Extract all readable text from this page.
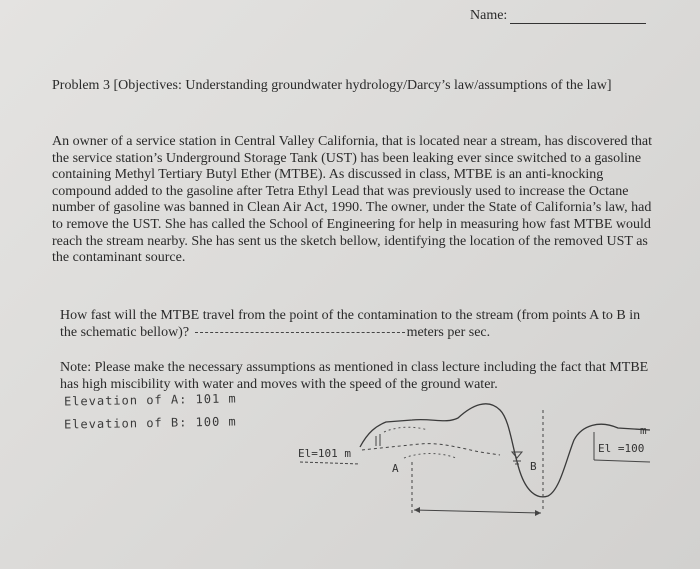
Name:
Problem 3 [Objectives: Understanding groundwater hydrology/Darcy’s law/assumptions of the law]
An owner of a service station in Central Valley California, that is located near a stream, has discovered that the service station’s Underground Storage Tank (UST) has been leaking ever since switched to a gasoline containing Methyl Tertiary Butyl Ether (MTBE). As discussed in class, MTBE is an anti-knocking compound added to the gasoline after Tetra Ethyl Lead that was previously used to increase the Octane number of gasoline was banned in Clean Air Act, 1990. The owner, under the State of California’s law, had to remove the UST. She has called the School of Engineering for help in measuring how fast MTBE would reach the stream nearby. She has sent us the sketch bellow, identifying the location of the removed UST as the contaminant source.
How fast will the MTBE travel from the point of the contamination to the stream (from points A to B in the schematic bellow)?	meters per sec.
Note: Please make the necessary assumptions as mentioned in class lecture including the fact that MTBE has high miscibility with water and moves with the speed of the ground water.
Elevation of A: 101 m
Elevation of B: 100 m
El=101 m	El =100
m
A	B
